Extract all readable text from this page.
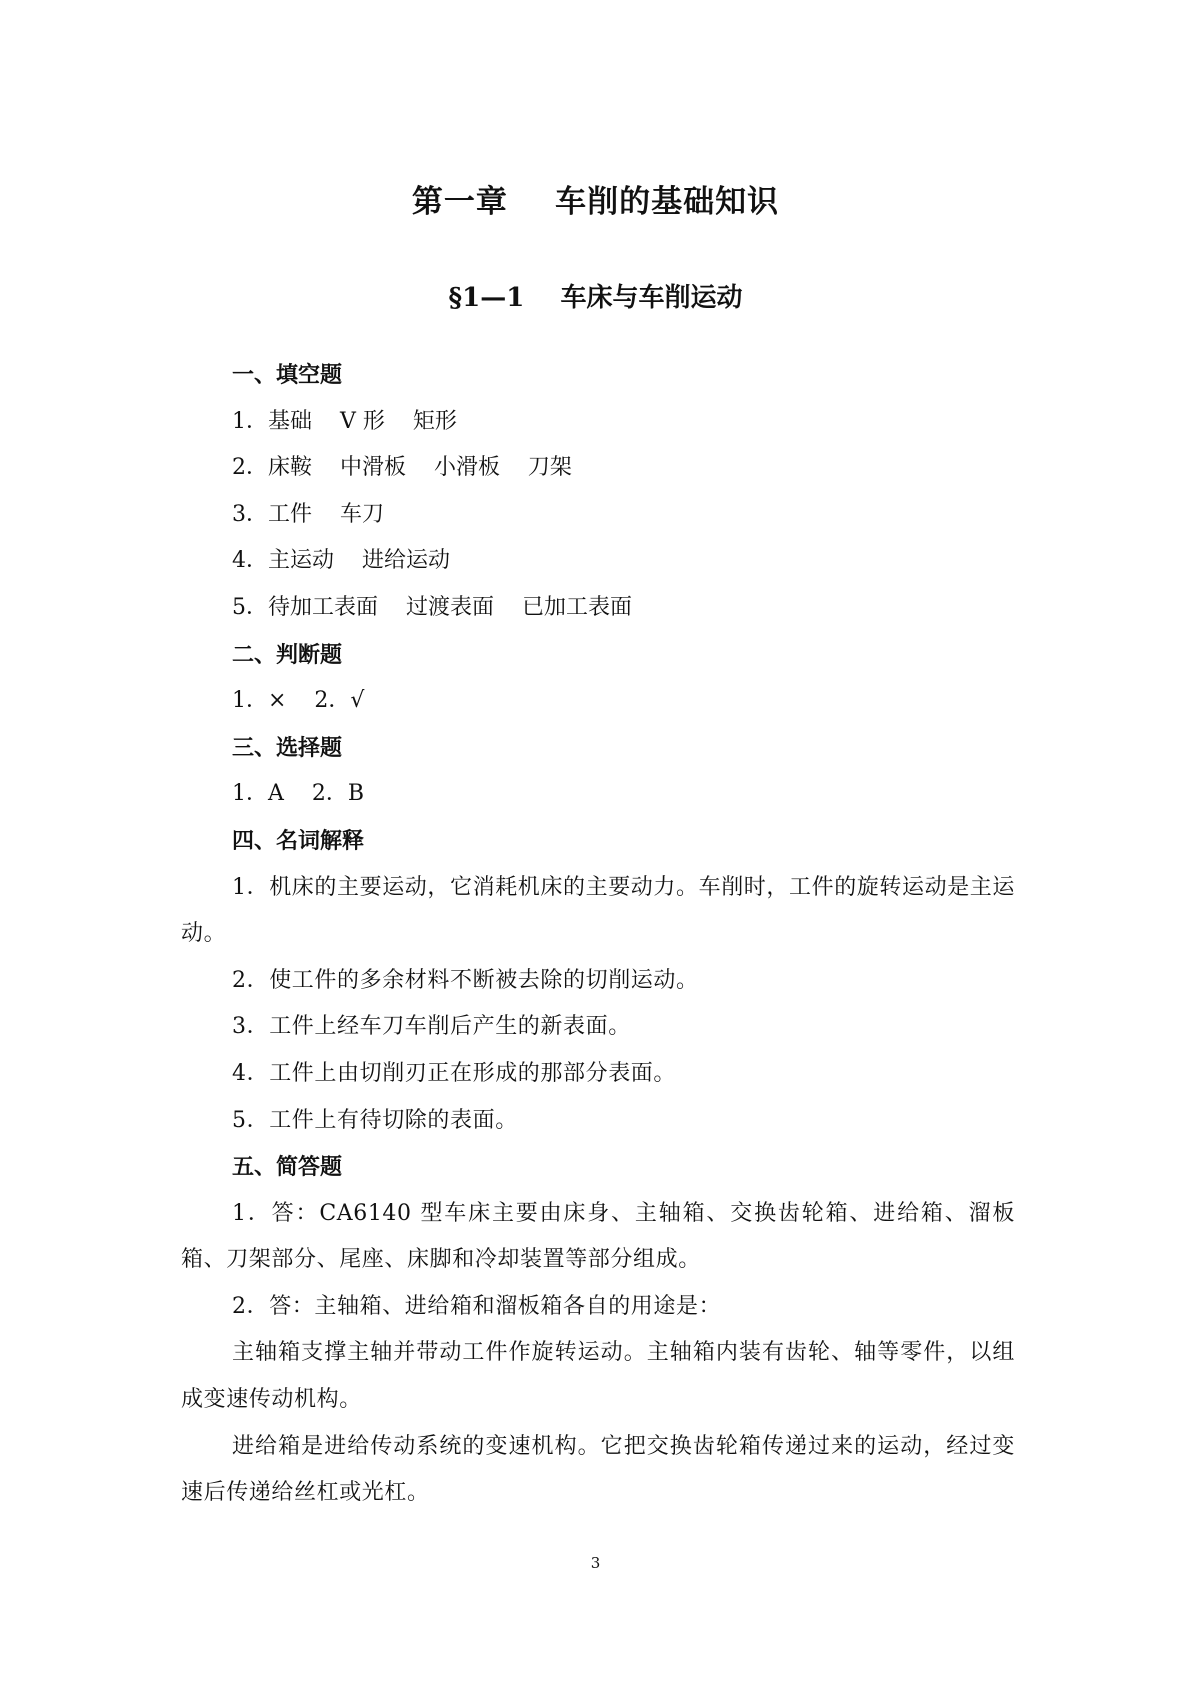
第一章    车削的基础知识
§1—1    车床与车削运动
一、填空题
1．基础    V 形    矩形
2．床鞍    中滑板    小滑板    刀架
3．工件    车刀
4．主运动    进给运动
5．待加工表面    过渡表面    已加工表面
二、判断题
1．×    2．√
三、选择题
1．A    2．B
四、名词解释
1．机床的主要运动，它消耗机床的主要动力。车削时，工件的旋转运动是主运动。
2．使工件的多余材料不断被去除的切削运动。
3．工件上经车刀车削后产生的新表面。
4．工件上由切削刃正在形成的那部分表面。
5．工件上有待切除的表面。
五、简答题
1．答：CA6140 型车床主要由床身、主轴箱、交换齿轮箱、进给箱、溜板箱、刀架部分、尾座、床脚和冷却装置等部分组成。
2．答：主轴箱、进给箱和溜板箱各自的用途是：
主轴箱支撑主轴并带动工件作旋转运动。主轴箱内装有齿轮、轴等零件，以组成变速传动机构。
进给箱是进给传动系统的变速机构。它把交换齿轮箱传递过来的运动，经过变速后传递给丝杠或光杠。
3
